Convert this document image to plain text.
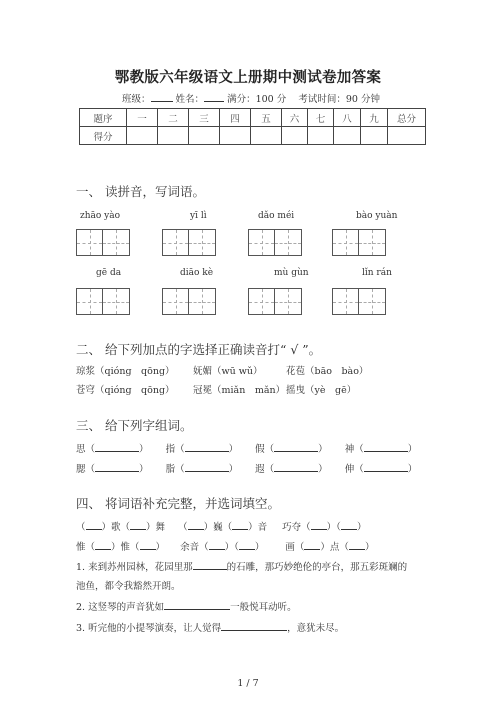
鄂教版六年级语文上册期中测试卷加答案
班级：	姓名： 满分：100 分 考试时间：90 分钟
题序	一	二	三	四	五	六	七	八	九	总分
得分										
一、 读拼音，写词语。
zhāo yào	yī lì	dǎo méi	bào yuàn
gē da	diāo kè	mù gùn	lǐn rán
二、 给下列加点的字选择正确读音打“ √ ”。
琼浆（qióng　qōng） 妩媚（wū wǔ） 花苞（bāo　bào）
苍穹（qióng　qōng） 冠冕（miǎn　mǎn） 摇曳（yè　gē）
三、 给下列字组词。
思（	） 指（	） 假（	） 神（	）
腮（	） 脂（	） 遐（	） 伸（	）
四、 将词语补充完整，并选词填空。
（ ）歌（ ）舞 （ ）巍（ ）音 巧夺（ ）（ ）
惟（ ）惟（ ） 余音（ ）（ ） 画（ ）点（ ）
1. 来到苏州园林，花园里那	的石雕，那巧妙绝伦的亭台，那五彩斑斓的
池鱼，都令我豁然开朗。
2. 这竖琴的声音犹如	一般悦耳动听。
3. 听完他的小提琴演奏，让人觉得	，意犹未尽。
1 / 7
